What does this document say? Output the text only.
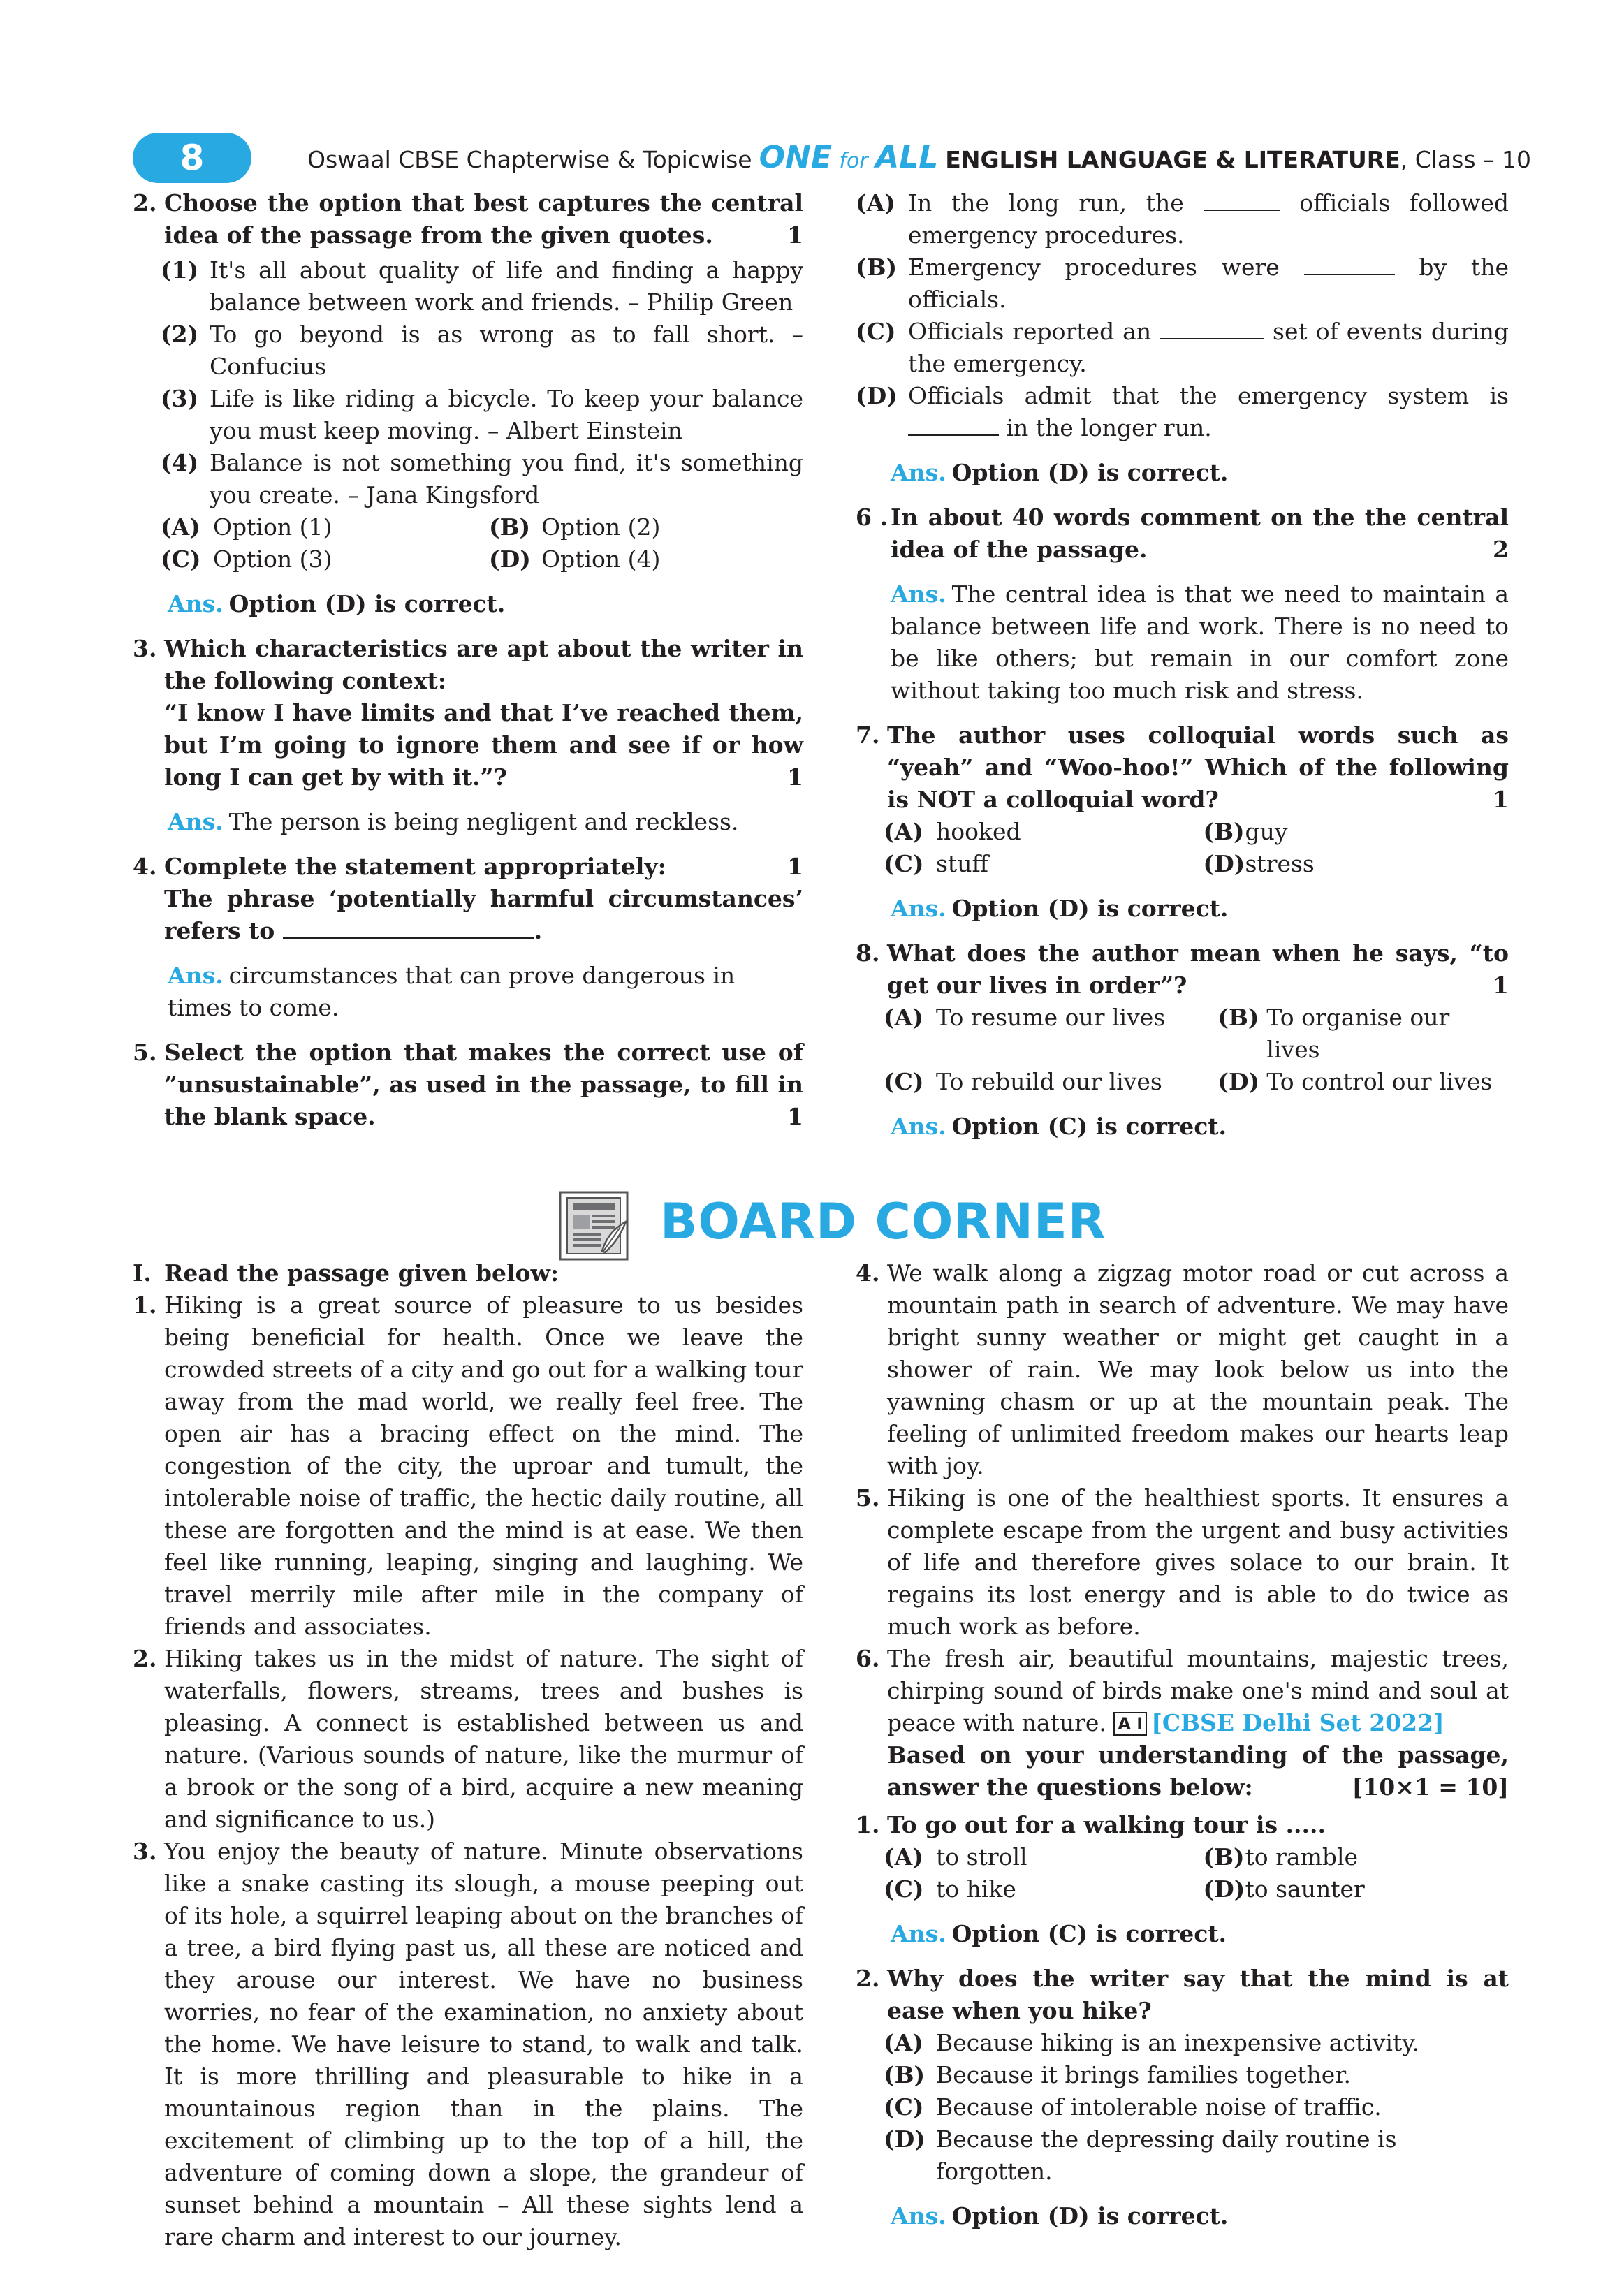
8	Oswaal CBSE Chapterwise & Topicwise ONE for ALL ENGLISH LANGUAGE & LITERATURE, Class – 10
2. Choose the option that best captures the central idea of the passage from the given quotes.	1
(1) It's all about quality of life and finding a happy balance between work and friends. – Philip Green
(2) To go beyond is as wrong as to fall short. – Confucius
(3) Life is like riding a bicycle. To keep your balance you must keep moving. – Albert Einstein
(4) Balance is not something you find, it's something you create. – Jana Kingsford
(A) Option (1)	(B) Option (2)
(C) Option (3)	(D) Option (4)
Ans. Option (D) is correct.
3. Which characteristics are apt about the writer in the following context:
“I know I have limits and that I’ve reached them, but I’m going to ignore them and see if or how long I can get by with it.”?	1
Ans. The person is being negligent and reckless.
4. Complete the statement appropriately:	1

The phrase ‘potentially harmful circumstances’ refers to	.
Ans. circumstances that can prove dangerous in times to come.
5. Select the option that makes the correct use of ”unsustainable”, as used in the passage, to fill in the blank space.	1
(A) In the long run, the	officials followed emergency procedures.
(B) Emergency procedures were	by the officials.
(C) Officials reported an	set of events during the emergency.
(D) Officials admit that the emergency system is  in the longer run.
Ans. Option (D) is correct.
6 . In about 40 words comment on the the central idea of the passage.	2
Ans. The central idea is that we need to maintain a balance between life and work. There is no need to be like others; but remain in our comfort zone without taking too much risk and stress.
7. The author uses colloquial words such as “yeah” and “Woo-hoo!” Which of the following is NOT a colloquial word?	1
(A) hooked	(B) guy
(C) stuff	(D) stress
Ans. Option (D) is correct.
8. What does the author mean when he says, “to get our lives in order”?	1
(A) To resume our lives (B) To organise our lives
(C) To rebuild our lives (D) To control our lives
Ans. Option (C) is correct.
BOARD CORNER
I. Read the passage given below:
1. Hiking is a great source of pleasure to us besides being beneficial for health. Once we leave the crowded streets of a city and go out for a walking tour away from the mad world, we really feel free. The open air has a bracing effect on the mind. The congestion of the city, the uproar and tumult, the intolerable noise of traffic, the hectic daily routine, all these are forgotten and the mind is at ease. We then feel like running, leaping, singing and laughing. We travel merrily mile after mile in the company of friends and associates.
2. Hiking takes us in the midst of nature. The sight of waterfalls, flowers, streams, trees and bushes is pleasing. A connect is established between us and nature. (Various sounds of nature, like the murmur of a brook or the song of a bird, acquire a new meaning and significance to us.)
3. You enjoy the beauty of nature. Minute observations like a snake casting its slough, a mouse peeping out of its hole, a squirrel leaping about on the branches of a tree, a bird flying past us, all these are noticed and they arouse our interest. We have no business worries, no fear of the examination, no anxiety about the home. We have leisure to stand, to walk and talk. It is more thrilling and pleasurable to hike in a mountainous region than in the plains. The excitement of climbing up to the top of a hill, the adventure of coming down a slope, the grandeur of sunset behind a mountain – All these sights lend a rare charm and interest to our journey.
4. We walk along a zigzag motor road or cut across a mountain path in search of adventure. We may have bright sunny weather or might get caught in a shower of rain. We may look below us into the yawning chasm or up at the mountain peak. The feeling of unlimited freedom makes our hearts leap with joy.
5. Hiking is one of the healthiest sports. It ensures a complete escape from the urgent and busy activities of life and therefore gives solace to our brain. It regains its lost energy and is able to do twice as much work as before.
6. The fresh air, beautiful mountains, majestic trees, chirping sound of birds make one's mind and soul at peace with nature. A I [CBSE Delhi Set 2022]
Based on your understanding of the passage, answer the questions below:	[10×1 = 10]
1. To go out for a walking tour is .....
(A) to stroll	(B) to ramble
(C) to hike	(D) to saunter
Ans. Option (C) is correct.
2. Why does the writer say that the mind is at ease when you hike?
(A) Because hiking is an inexpensive activity.
(B) Because it brings families together.
(C) Because of intolerable noise of traffic.
(D) Because the depressing daily routine is forgotten.
Ans. Option (D) is correct.
